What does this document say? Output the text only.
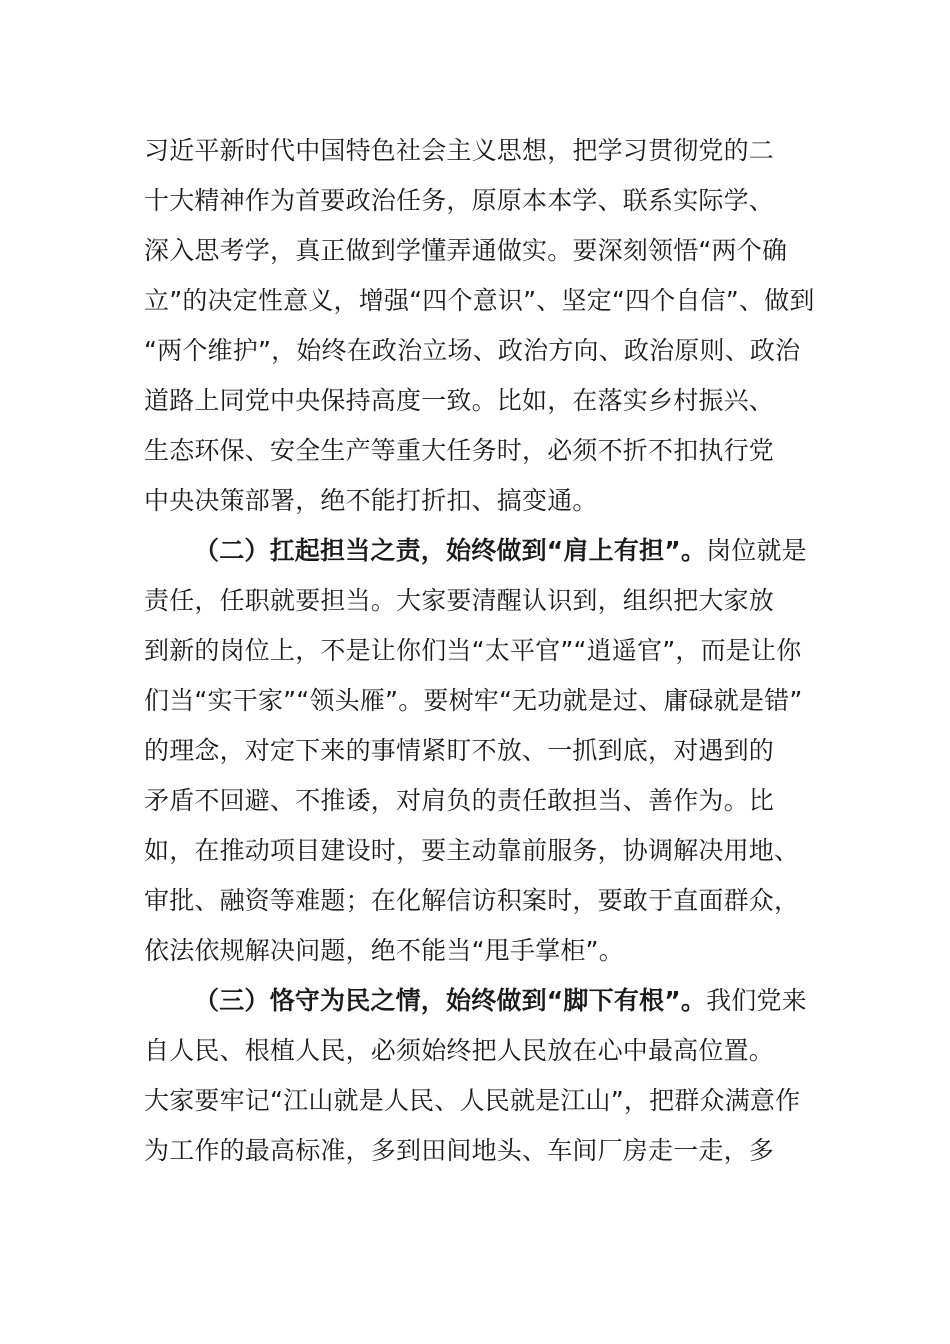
习近平新时代中国特色社会主义思想，把学习贯彻党的二
十大精神作为首要政治任务，原原本本学、联系实际学、
深入思考学，真正做到学懂弄通做实。要深刻领悟“两个确
立”的决定性意义，增强“四个意识”、坚定“四个自信”、做到
“两个维护”，始终在政治立场、政治方向、政治原则、政治
道路上同党中央保持高度一致。比如，在落实乡村振兴、
生态环保、安全生产等重大任务时，必须不折不扣执行党
中央决策部署，绝不能打折扣、搞变通。
（二）扛起担当之责，始终做到“肩上有担”。岗位就是
责任，任职就要担当。大家要清醒认识到，组织把大家放
到新的岗位上，不是让你们当“太平官”“逍遥官”，而是让你
们当“实干家”“领头雁”。要树牢“无功就是过、庸碌就是错”
的理念，对定下来的事情紧盯不放、一抓到底，对遇到的
矛盾不回避、不推诿，对肩负的责任敢担当、善作为。比
如，在推动项目建设时，要主动靠前服务，协调解决用地、
审批、融资等难题；在化解信访积案时，要敢于直面群众，
依法依规解决问题，绝不能当“甩手掌柜”。
（三）恪守为民之情，始终做到“脚下有根”。我们党来
自人民、根植人民，必须始终把人民放在心中最高位置。
大家要牢记“江山就是人民、人民就是江山”，把群众满意作
为工作的最高标准，多到田间地头、车间厂房走一走，多
